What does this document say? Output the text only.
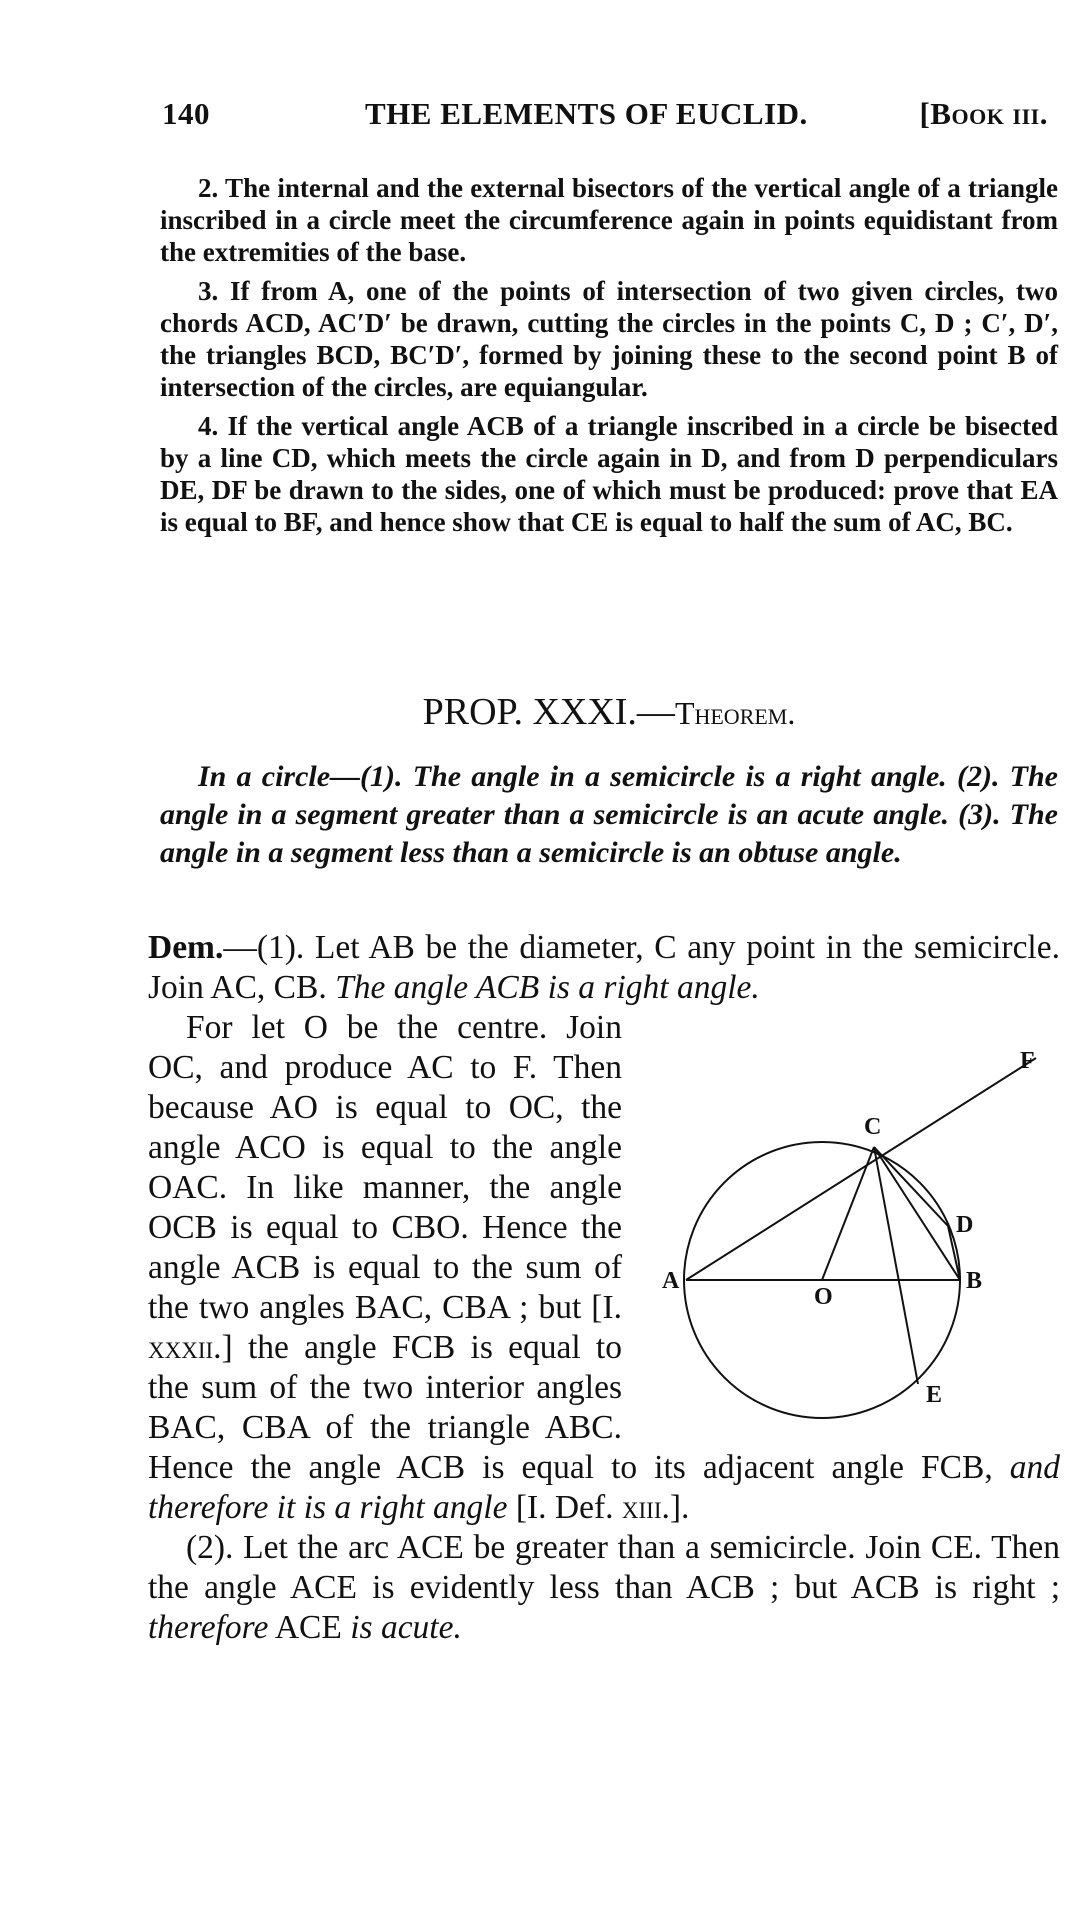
140	THE ELEMENTS OF EUCLID.	[Book iii.

2. The internal and the external bisectors of the vertical angle of a triangle inscribed in a circle meet the circumference again in points equidistant from the extremities of the base.

3. If from A, one of the points of intersection of two given circles, two chords ACD, AC′D′ be drawn, cutting the circles in the points C, D ; C′, D′, the triangles BCD, BC′D′, formed by joining these to the second point B of intersection of the circles, are equiangular.

4. If the vertical angle ACB of a triangle inscribed in a circle be bisected by a line CD, which meets the circle again in D, and from D perpendiculars DE, DF be drawn to the sides, one of which must be produced: prove that EA is equal to BF, and hence show that CE is equal to half the sum of AC, BC.

PROP. XXXI.—Theorem.
In a circle—(1). The angle in a semicircle is a right angle. (2). The angle in a segment greater than a semicircle is an acute angle. (3). The angle in a segment less than a semicircle is an obtuse angle.

Dem.—(1). Let AB be the diameter, C any point in the semicircle. Join AC, CB. The angle ACB is a right angle.

F
C
D
A
O
B
E

For let O be the centre. Join OC, and produce AC to F. Then because AO is equal to OC, the angle ACO is equal to the angle OAC. In like manner, the angle OCB is equal to CBO. Hence the angle ACB is equal to the sum of the two angles BAC, CBA ; but [I. xxxii.] the angle FCB is equal to the sum of the two interior angles BAC, CBA of the triangle ABC. Hence the angle ACB is equal to its adjacent angle FCB, and therefore it is a right angle [I. Def. xiii.].

(2). Let the arc ACE be greater than a semicircle. Join CE. Then the angle ACE is evidently less than ACB ; but ACB is right ; therefore ACE is acute.
